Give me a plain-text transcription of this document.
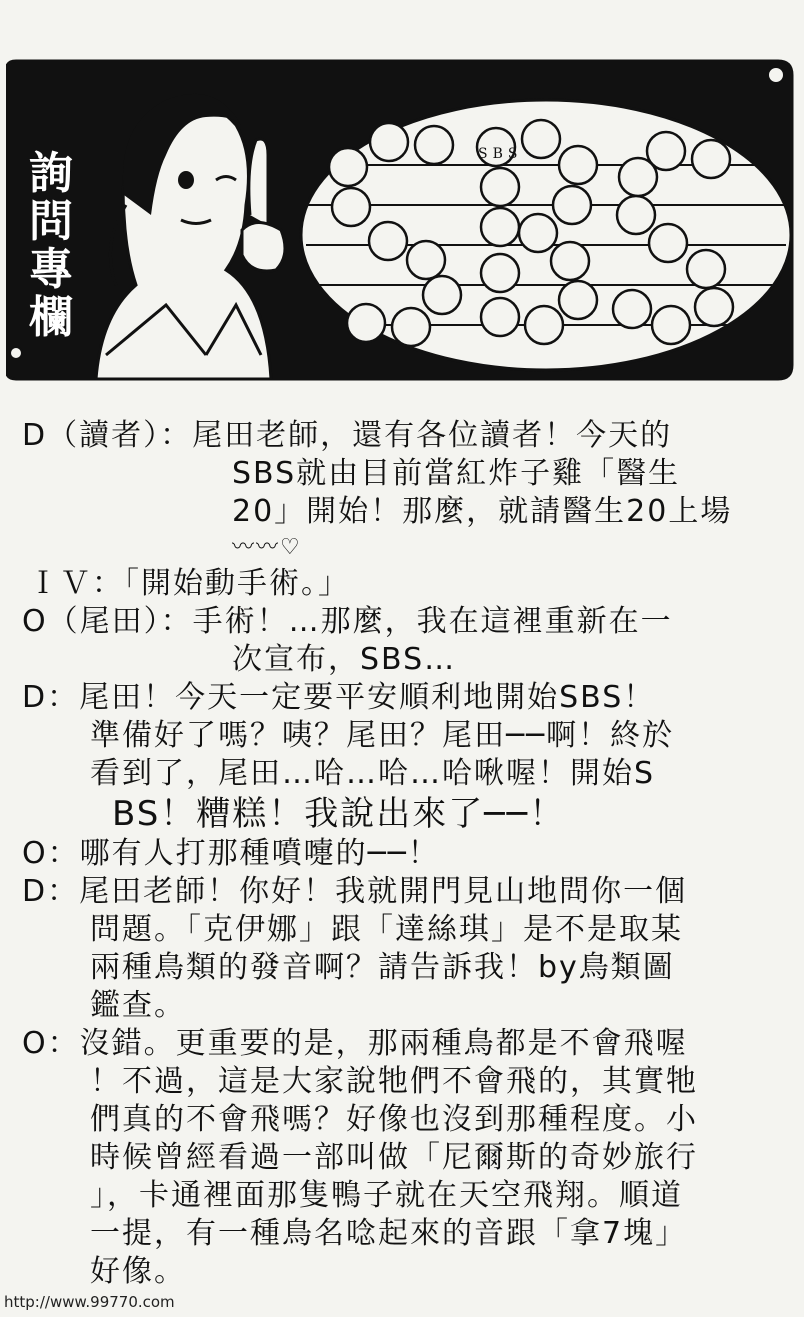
詢
問
專
欄
SBS
D（讀者）：尾田老師，還有各位讀者！今天的
SBS就由目前當紅炸子雞「醫生
20」開始！那麼，就請醫生20上場
〰〰♡
ＩＶ：「開始動手術。」
O（尾田）：手術！…那麼，我在這裡重新在一
次宣布，SBS…
D：尾田！今天一定要平安順利地開始SBS！
準備好了嗎？咦？尾田？尾田──啊！終於
看到了，尾田…哈…哈…哈啾喔！開始S
BS！糟糕！我說出來了──！
O：哪有人打那種噴嚏的──！
D：尾田老師！你好！我就開門見山地問你一個
問題。「克伊娜」跟「達絲琪」是不是取某
兩種鳥類的發音啊？請告訴我！by鳥類圖
鑑查。
O：沒錯。更重要的是，那兩種鳥都是不會飛喔
！不過，這是大家說牠們不會飛的，其實牠
們真的不會飛嗎？好像也沒到那種程度。小
時候曾經看過一部叫做「尼爾斯的奇妙旅行
」，卡通裡面那隻鴨子就在天空飛翔。順道
一提，有一種鳥名唸起來的音跟「拿7塊」
好像。
http://www.99770.com
